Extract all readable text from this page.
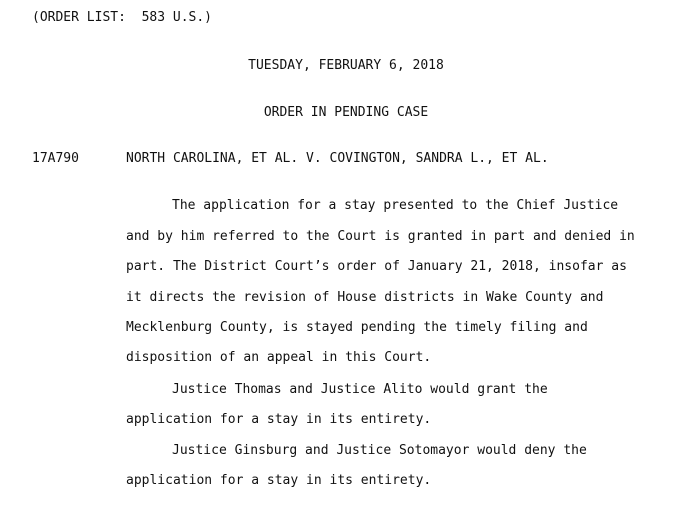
(ORDER LIST:  583 U.S.)
TUESDAY, FEBRUARY 6, 2018
ORDER IN PENDING CASE
17A790	NORTH CAROLINA, ET AL. V. COVINGTON, SANDRA L., ET AL.
The application for a stay presented to the Chief Justice
and by him referred to the Court is granted in part and denied in
part. The District Court’s order of January 21, 2018, insofar as
it directs the revision of House districts in Wake County and
Mecklenburg County, is stayed pending the timely filing and
disposition of an appeal in this Court.
Justice Thomas and Justice Alito would grant the
application for a stay in its entirety.
Justice Ginsburg and Justice Sotomayor would deny the
application for a stay in its entirety.
